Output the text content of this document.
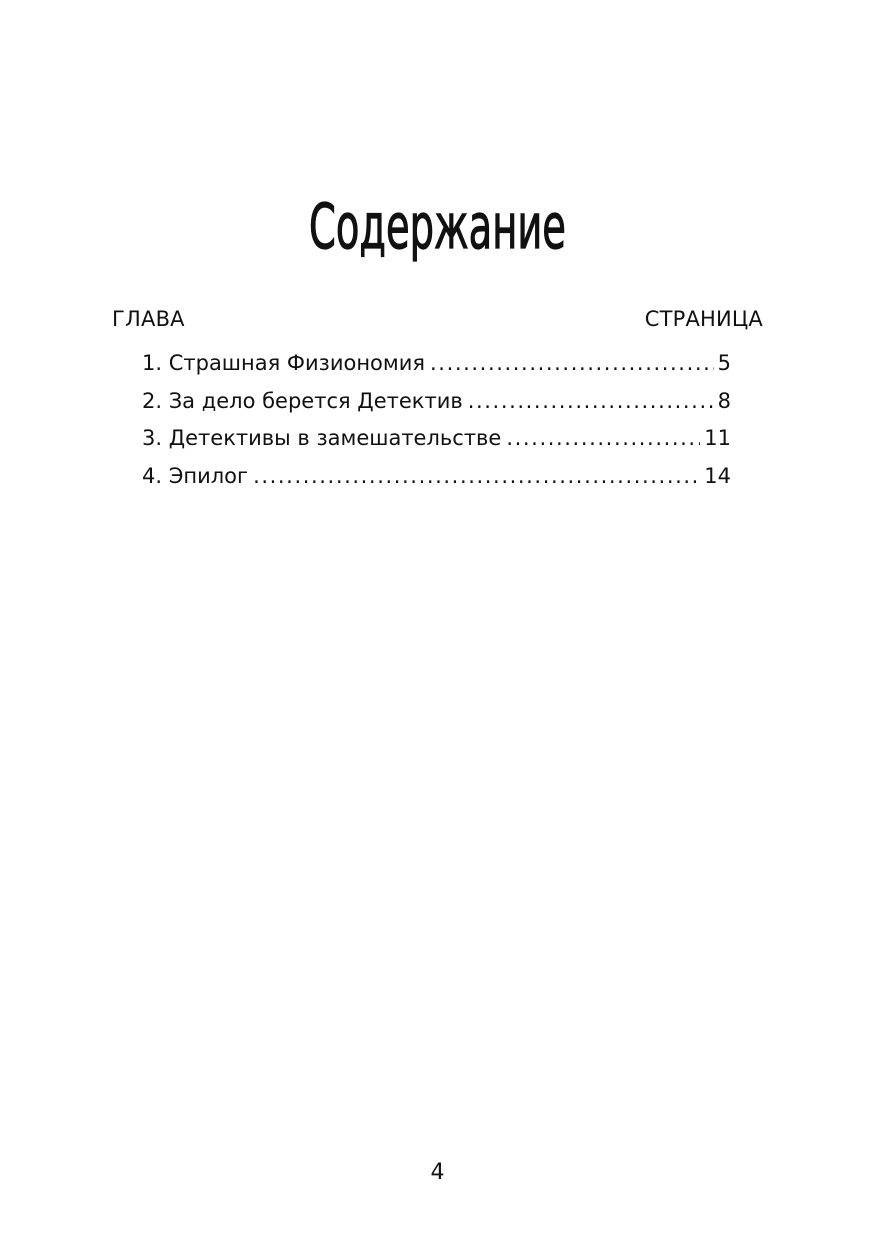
Содержание
ГЛАВА	СТРАНИЦА
1. Страшная Физиономия .....	5
2. За дело берется Детектив .....	8
3. Детективы в замешательстве .....	11
4. Эпилог .....	14
4
